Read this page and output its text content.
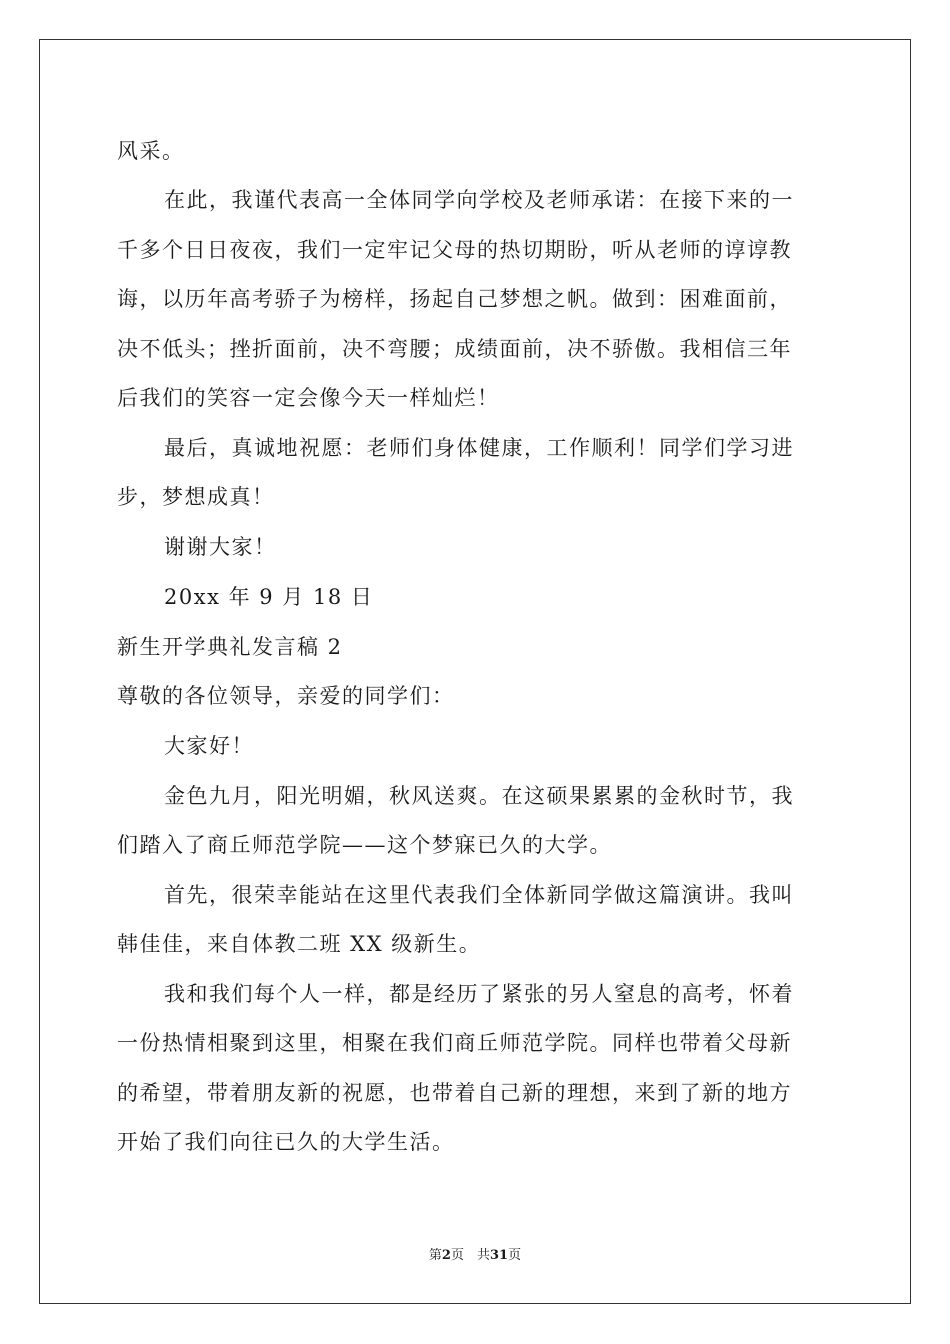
风采。
在此，我谨代表高一全体同学向学校及老师承诺：在接下来的一
千多个日日夜夜，我们一定牢记父母的热切期盼，听从老师的谆谆教
诲，以历年高考骄子为榜样，扬起自己梦想之帆。做到：困难面前，
决不低头；挫折面前，决不弯腰；成绩面前，决不骄傲。我相信三年
后我们的笑容一定会像今天一样灿烂！
最后，真诚地祝愿：老师们身体健康，工作顺利！同学们学习进
步，梦想成真！
谢谢大家！
20xx 年 9 月 18 日
新生开学典礼发言稿 2
尊敬的各位领导，亲爱的同学们：
大家好！
金色九月，阳光明媚，秋风送爽。在这硕果累累的金秋时节，我
们踏入了商丘师范学院——这个梦寐已久的大学。
首先，很荣幸能站在这里代表我们全体新同学做这篇演讲。我叫
韩佳佳，来自体教二班 XX 级新生。
我和我们每个人一样，都是经历了紧张的另人窒息的高考，怀着
一份热情相聚到这里，相聚在我们商丘师范学院。同样也带着父母新
的希望，带着朋友新的祝愿，也带着自己新的理想，来到了新的地方
开始了我们向往已久的大学生活。
第2页　共31页
